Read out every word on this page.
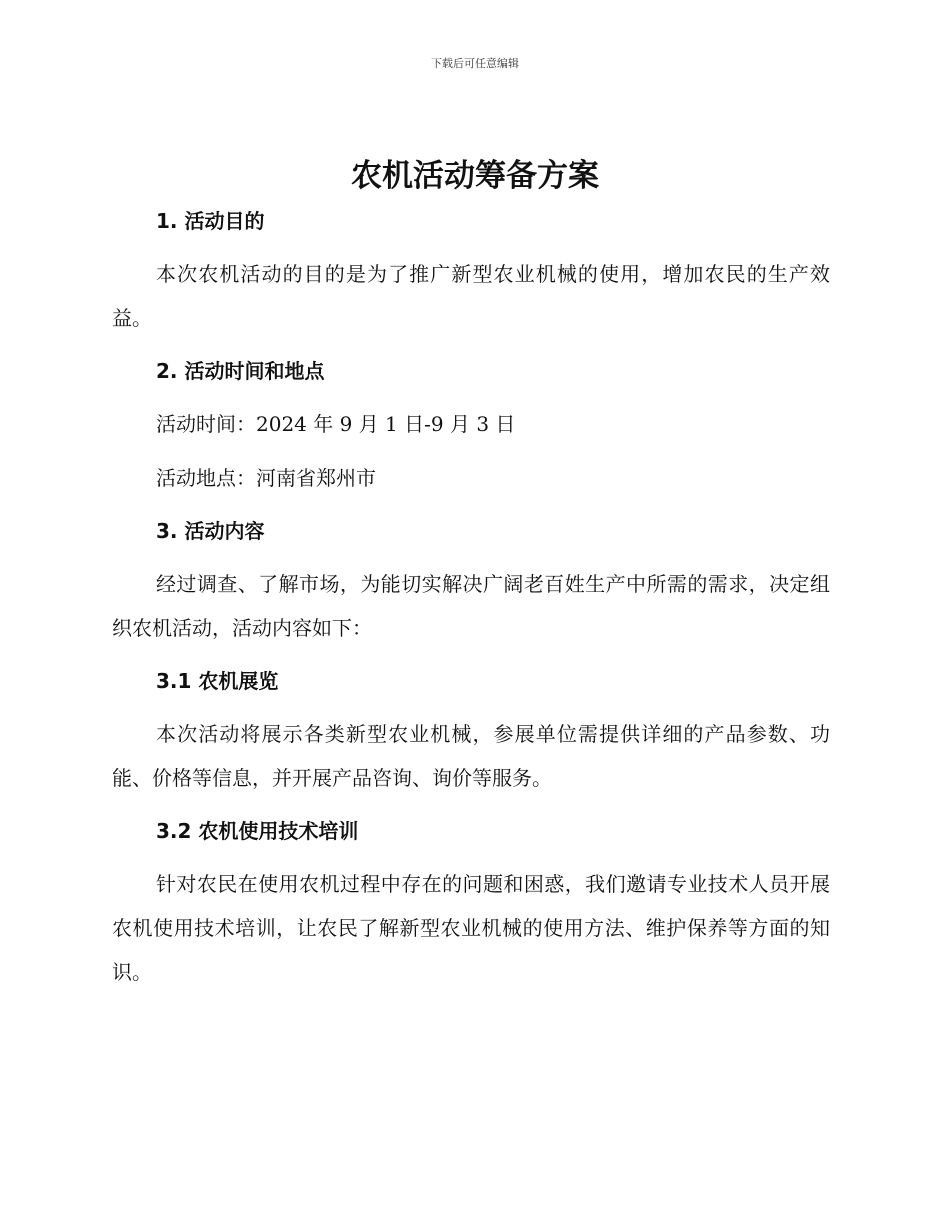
下载后可任意编辑
农机活动筹备方案
1. 活动目的

本次农机活动的目的是为了推广新型农业机械的使用，增加农民的生产效益。

2. 活动时间和地点
活动时间：2024 年 9 月 1 日-9 月 3 日
活动地点：河南省郑州市
3. 活动内容

经过调查、了解市场，为能切实解决广阔老百姓生产中所需的需求，决定组织农机活动，活动内容如下：

3.1 农机展览

本次活动将展示各类新型农业机械，参展单位需提供详细的产品参数、功能、价格等信息，并开展产品咨询、询价等服务。

3.2 农机使用技术培训

针对农民在使用农机过程中存在的问题和困惑，我们邀请专业技术人员开展农机使用技术培训，让农民了解新型农业机械的使用方法、维护保养等方面的知识。
